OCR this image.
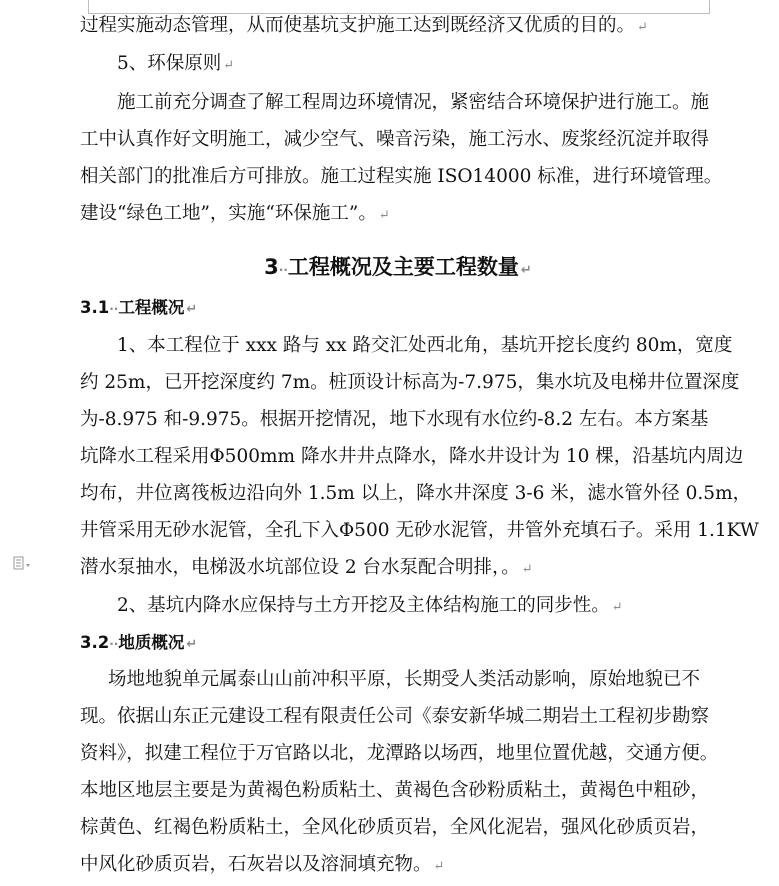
过程实施动态管理，从而使基坑支护施工达到既经济又优质的目的。 ↵

5、环保原则 ↵

施工前充分调查了解工程周边环境情况，紧密结合环境保护进行施工。施

工中认真作好文明施工，减少空气、噪音污染，施工污水、废浆经沉淀并取得

相关部门的批准后方可排放。施工过程实施 ISO14000 标准，进行环境管理。

建设“绿色工地”，实施“环保施工”。 ↵

3··工程概况及主要工程数量 ↵
3.1··工程概况 ↵

1、本工程位于 xxx 路与 xx 路交汇处西北角，基坑开挖长度约 80m，宽度

约 25m，已开挖深度约 7m。桩顶设计标高为-7.975，集水坑及电梯井位置深度

为-8.975 和-9.975。根据开挖情况，地下水现有水位约-8.2 左右。本方案基

坑降水工程采用Φ500mm 降水井井点降水，降水井设计为 10 棵，沿基坑内周边

均布，井位离筏板边沿向外 1.5m 以上，降水井深度 3-6 米，滤水管外径 0.5m，

井管采用无砂水泥管，全孔下入Φ500 无砂水泥管，井管外充填石子。采用 1.1KW

潜水泵抽水，电梯汲水坑部位设 2 台水泵配合明排，。 ↵

2、基坑内降水应保持与土方开挖及主体结构施工的同步性。 ↵

3.2··地质概况 ↵

场地地貌单元属泰山山前冲积平原，长期受人类活动影响，原始地貌已不

现。依据山东正元建设工程有限责任公司《泰安新华城二期岩土工程初步勘察

资料》，拟建工程位于万官路以北，龙潭路以场西，地里位置优越，交通方便。

本地区地层主要是为黄褐色粉质粘土、黄褐色含砂粉质粘土，黄褐色中粗砂，

棕黄色、红褐色粉质粘土，全风化砂质页岩，全风化泥岩，强风化砂质页岩，

中风化砂质页岩，石灰岩以及溶洞填充物。 ↵
